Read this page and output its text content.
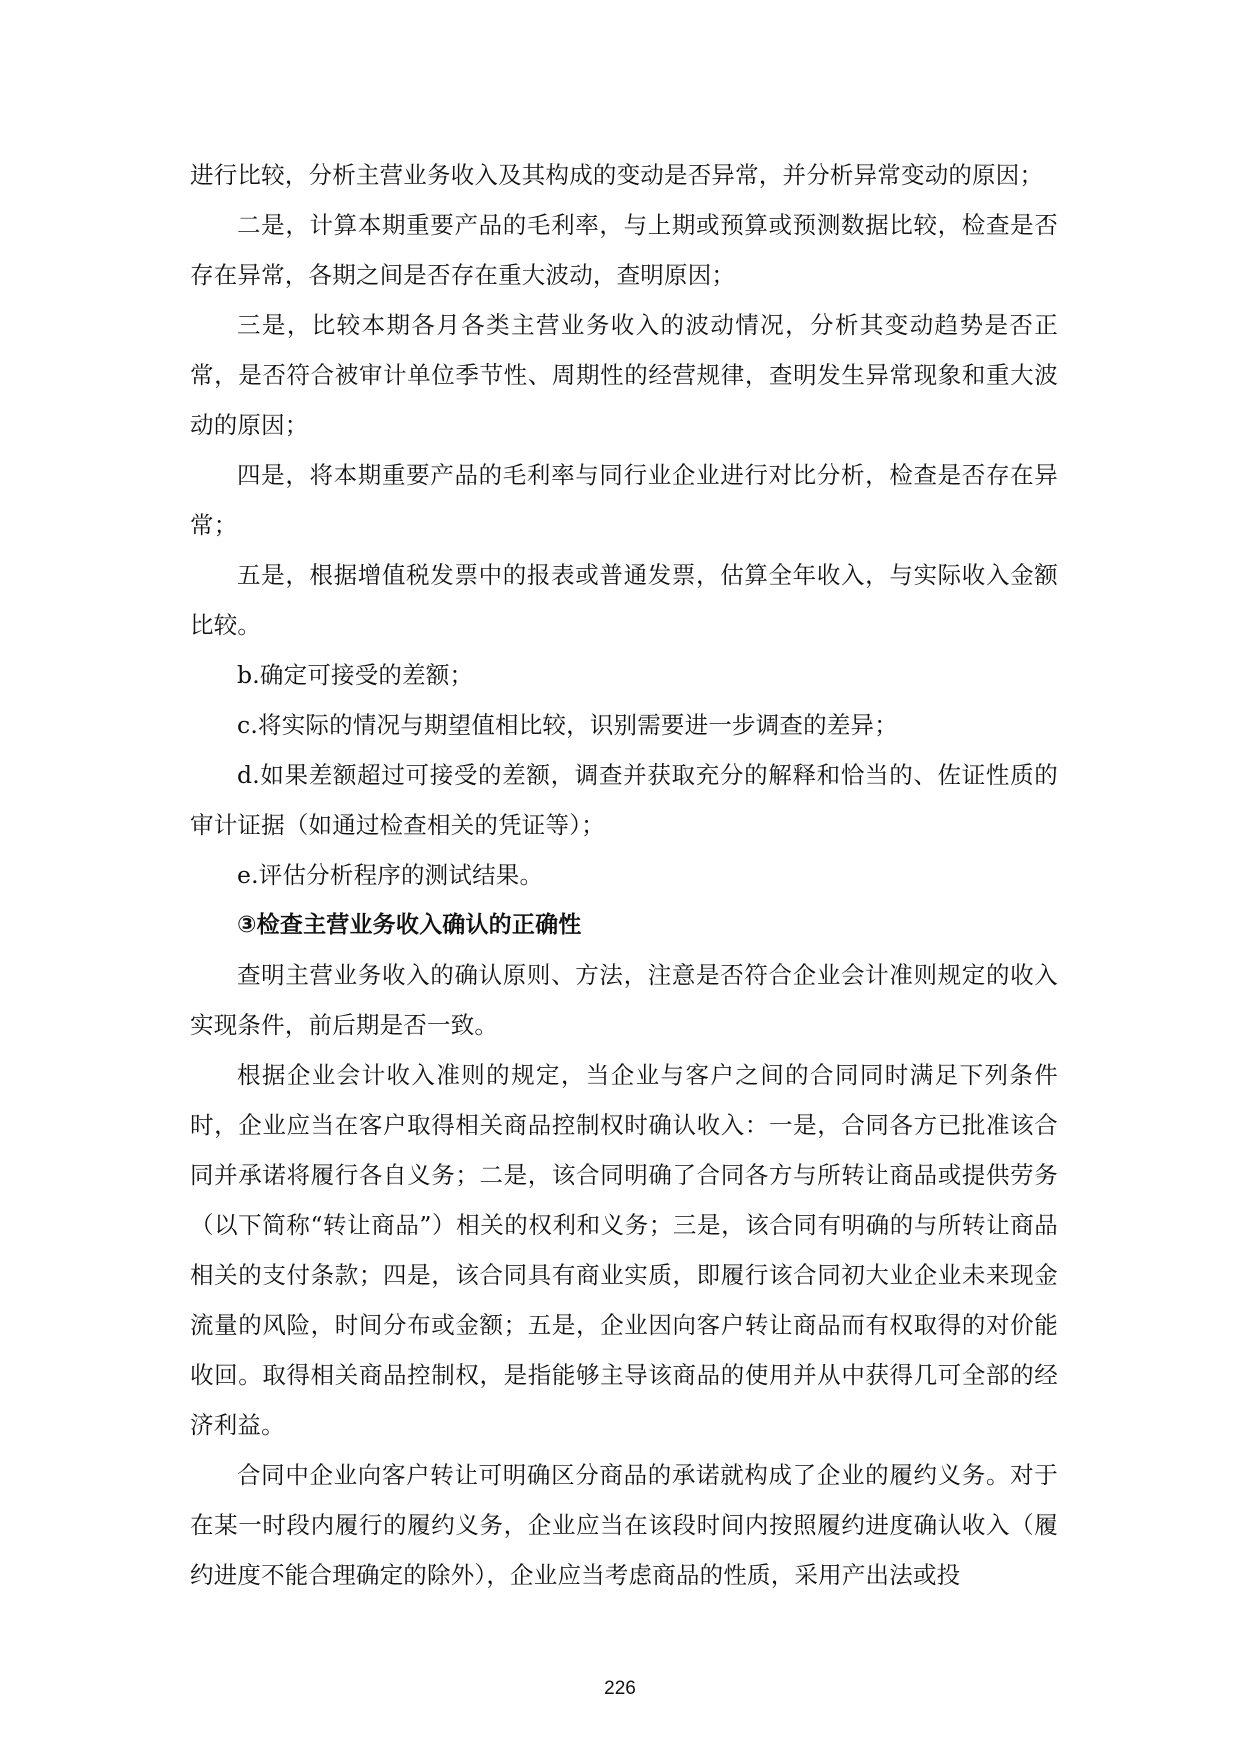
进行比较，分析主营业务收入及其构成的变动是否异常，并分析异常变动的原因；

二是，计算本期重要产品的毛利率，与上期或预算或预测数据比较，检查是否存在异常，各期之间是否存在重大波动，查明原因；

三是，比较本期各月各类主营业务收入的波动情况，分析其变动趋势是否正常，是否符合被审计单位季节性、周期性的经营规律，查明发生异常现象和重大波动的原因；

四是，将本期重要产品的毛利率与同行业企业进行对比分析，检查是否存在异常；

五是，根据增值税发票中的报表或普通发票，估算全年收入，与实际收入金额比较。

b.确定可接受的差额；

c.将实际的情况与期望值相比较，识别需要进一步调查的差异；

d.如果差额超过可接受的差额，调查并获取充分的解释和恰当的、佐证性质的审计证据（如通过检查相关的凭证等）；

e.评估分析程序的测试结果。

③检查主营业务收入确认的正确性

查明主营业务收入的确认原则、方法，注意是否符合企业会计准则规定的收入实现条件，前后期是否一致。

根据企业会计收入准则的规定，当企业与客户之间的合同同时满足下列条件时，企业应当在客户取得相关商品控制权时确认收入：一是，合同各方已批准该合同并承诺将履行各自义务；二是，该合同明确了合同各方与所转让商品或提供劳务（以下简称“转让商品”）相关的权利和义务；三是，该合同有明确的与所转让商品相关的支付条款；四是，该合同具有商业实质，即履行该合同初大业企业未来现金流量的风险，时间分布或金额；五是，企业因向客户转让商品而有权取得的对价能收回。取得相关商品控制权，是指能够主导该商品的使用并从中获得几可全部的经济利益。

合同中企业向客户转让可明确区分商品的承诺就构成了企业的履约义务。对于在某一时段内履行的履约义务，企业应当在该段时间内按照履约进度确认收入（履约进度不能合理确定的除外），企业应当考虑商品的性质，采用产出法或投

226
